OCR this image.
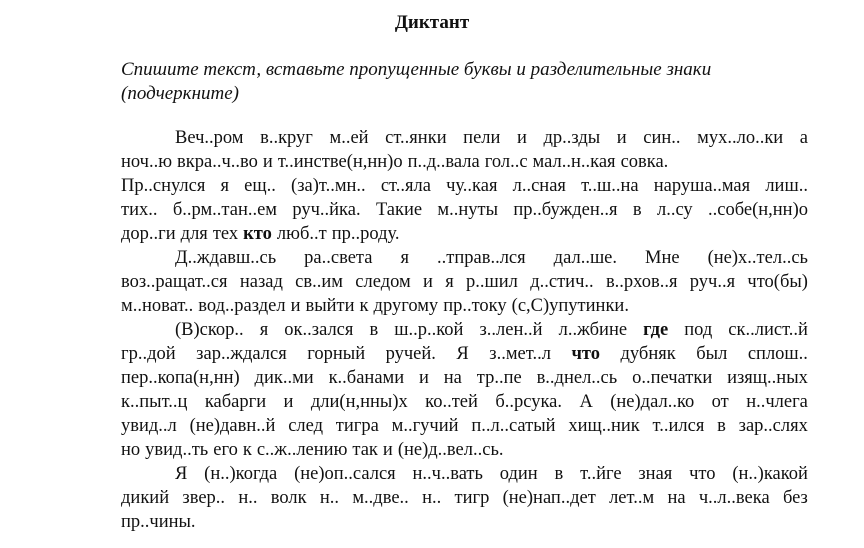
Диктант
Спишите текст, вставьте пропущенные буквы и разделительные знаки
(подчеркните)
Веч..ром в..круг м..ей ст..янки пели и др..зды и син.. мух..ло..ки а
ноч..ю вкра..ч..во и т..инстве(н,нн)о п..д..вала гол..с мал..н..кая совка.
Пр..снулся я ещ.. (за)т..мн.. ст..яла чу..кая л..сная т..ш..на наруша..мая лиш..
тих.. б..рм..тан..ем руч..йка. Такие м..нуты пр..бужден..я в л..су ..собе(н,нн)о
дор..ги для тех кто люб..т пр..роду.
Д..ждавш..сь ра..света я ..тправ..лся дал..ше. Мне (не)х..тел..сь
воз..ращат..ся назад св..им следом и я р..шил д..стич.. в..рхов..я руч..я что(бы)
м..новат.. вод..раздел и выйти к другому пр..току (с,С)упутинки.
(В)скор.. я ок..зался в ш..р..кой з..лен..й л..жбине где под ск..лист..й
гр..дой зар..ждался горный ручей. Я з..мет..л что дубняк был сплош..
пер..копа(н,нн) дик..ми к..банами и на тр..пе в..днел..сь о..печатки изящ..ных
к..пыт..ц кабарги и дли(н,нны)х ко..тей б..рсука. А (не)дал..ко от н..члега
увид..л (не)давн..й след тигра м..гучий п..л..сатый хищ..ник т..ился в зар..слях
но увид..ть его к с..ж..лению так и (не)д..вел..сь.
Я (н..)когда (не)оп..сался н..ч..вать один в т..йге зная что (н..)какой
дикий звер.. н.. волк н.. м..две.. н.. тигр (не)нап..дет лет..м на ч..л..века без
пр..чины.
